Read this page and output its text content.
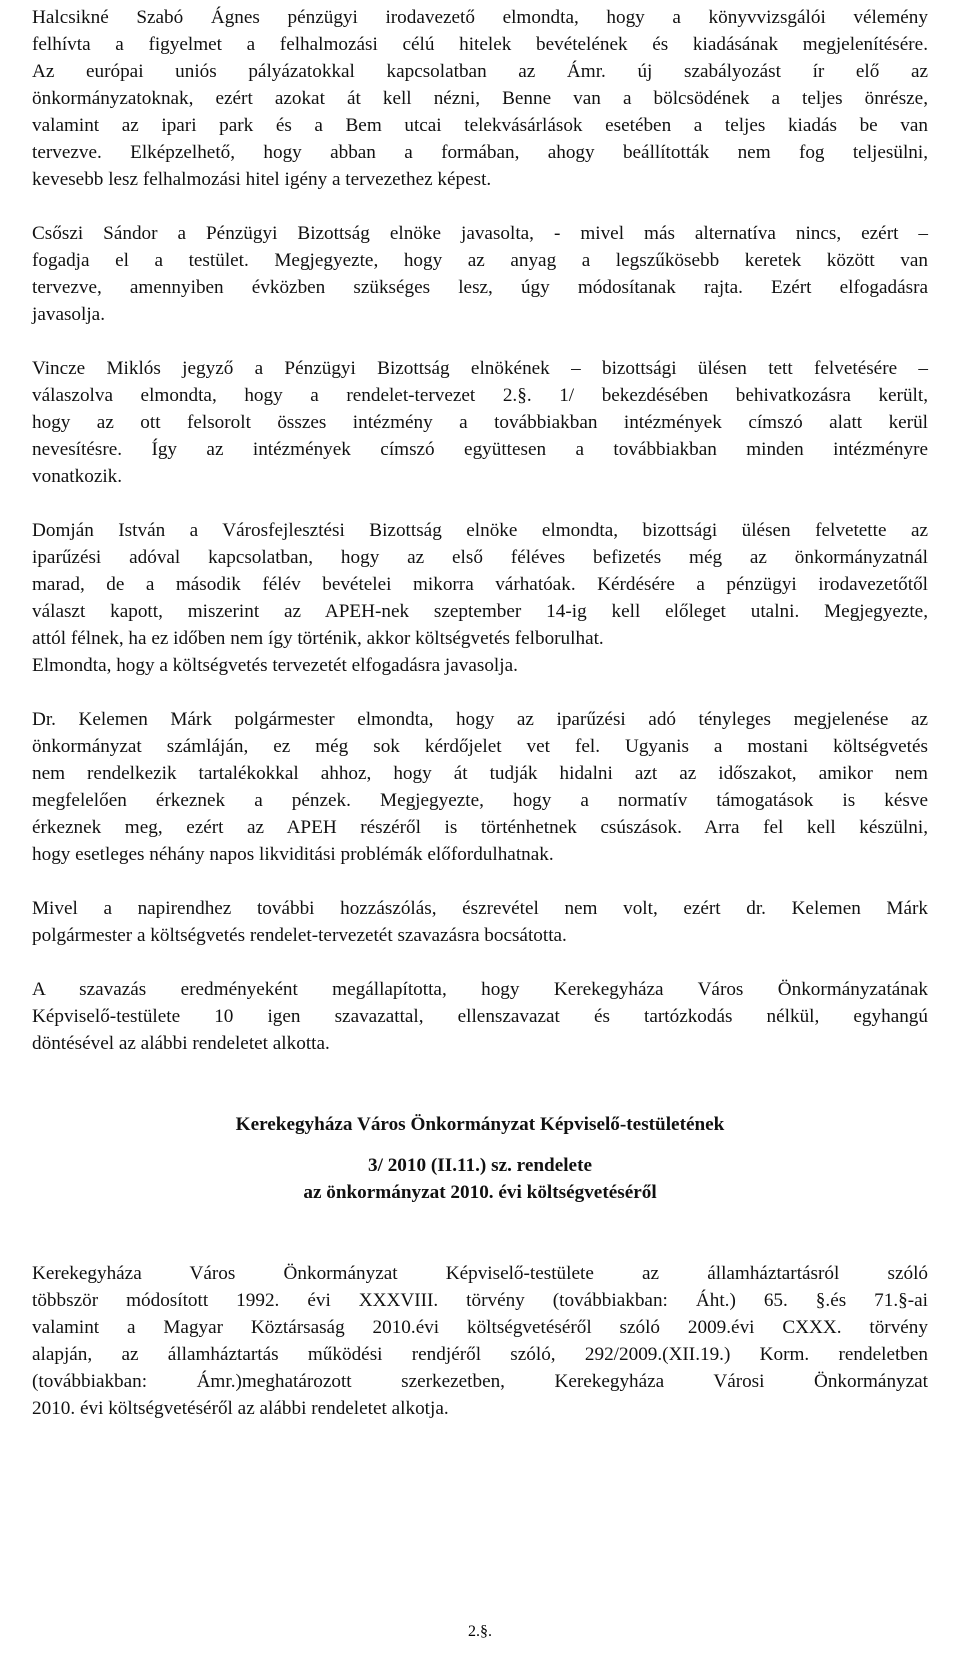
Halcsikné Szabó Ágnes pénzügyi irodavezető elmondta, hogy a könyvvizsgálói vélemény
felhívta a figyelmet a felhalmozási célú hitelek bevételének és kiadásának megjelenítésére.
Az európai uniós pályázatokkal kapcsolatban az Ámr. új szabályozást ír elő az
önkormányzatoknak, ezért azokat át kell nézni, Benne van a bölcsödének a teljes önrésze,
valamint az ipari park és a Bem utcai telekvásárlások esetében a teljes kiadás be van
tervezve. Elképzelhető, hogy abban a formában, ahogy beállították nem fog teljesülni,
kevesebb lesz felhalmozási hitel igény a tervezethez képest.
Csőszi Sándor a Pénzügyi Bizottság elnöke javasolta, - mivel más alternatíva nincs, ezért –
fogadja el a testület. Megjegyezte, hogy az anyag a legszűkösebb keretek között van
tervezve, amennyiben évközben szükséges lesz, úgy módosítanak rajta. Ezért elfogadásra
javasolja.
Vincze Miklós jegyző a Pénzügyi Bizottság elnökének – bizottsági ülésen tett felvetésére –
válaszolva elmondta, hogy a rendelet-tervezet 2.§. 1/ bekezdésében behivatkozásra került,
hogy az ott felsorolt összes intézmény a továbbiakban intézmények címszó alatt kerül
nevesítésre. Így az intézmények címszó együttesen a továbbiakban minden intézményre
vonatkozik.
Domján István a Városfejlesztési Bizottság elnöke elmondta, bizottsági ülésen felvetette az
iparűzési adóval kapcsolatban, hogy az első féléves befizetés még az önkormányzatnál
marad, de a második félév bevételei mikorra várhatóak. Kérdésére a pénzügyi irodavezetőtől
választ kapott, miszerint az APEH-nek szeptember 14-ig kell előleget utalni. Megjegyezte,
attól félnek, ha ez időben nem így történik, akkor költségvetés felborulhat.
Elmondta, hogy a költségvetés tervezetét elfogadásra javasolja.
Dr. Kelemen Márk polgármester elmondta, hogy az iparűzési adó tényleges megjelenése az
önkormányzat számláján, ez még sok kérdőjelet vet fel. Ugyanis a mostani költségvetés
nem rendelkezik tartalékokkal ahhoz, hogy át tudják hidalni azt az időszakot, amikor nem
megfelelően érkeznek a pénzek. Megjegyezte, hogy a normatív támogatások is késve
érkeznek meg, ezért az APEH részéről is történhetnek csúszások. Arra fel kell készülni,
hogy esetleges néhány napos likviditási problémák előfordulhatnak.
Mivel a napirendhez további hozzászólás, észrevétel nem volt, ezért dr. Kelemen Márk
polgármester a költségvetés rendelet-tervezetét szavazásra bocsátotta.
A szavazás eredményeként megállapította, hogy Kerekegyháza Város Önkormányzatának
Képviselő-testülete 10 igen szavazattal, ellenszavazat és tartózkodás nélkül, egyhangú
döntésével az alábbi rendeletet alkotta.
Kerekegyháza Város Önkormányzat Képviselő-testületének
3/ 2010 (II.11.) sz. rendelete
az önkormányzat 2010. évi költségvetéséről
Kerekegyháza Város Önkormányzat Képviselő-testülete az államháztartásról szóló
többször módosított 1992. évi XXXVIII. törvény (továbbiakban: Áht.) 65. §.és 71.§-ai
valamint a Magyar Köztársaság 2010.évi költségvetéséről szóló 2009.évi CXXX. törvény
alapján, az államháztartás működési rendjéről szóló, 292/2009.(XII.19.) Korm. rendeletben
(továbbiakban: Ámr.)meghatározott szerkezetben, Kerekegyháza Városi Önkormányzat
2010. évi költségvetéséről az alábbi rendeletet alkotja.
2.§.
